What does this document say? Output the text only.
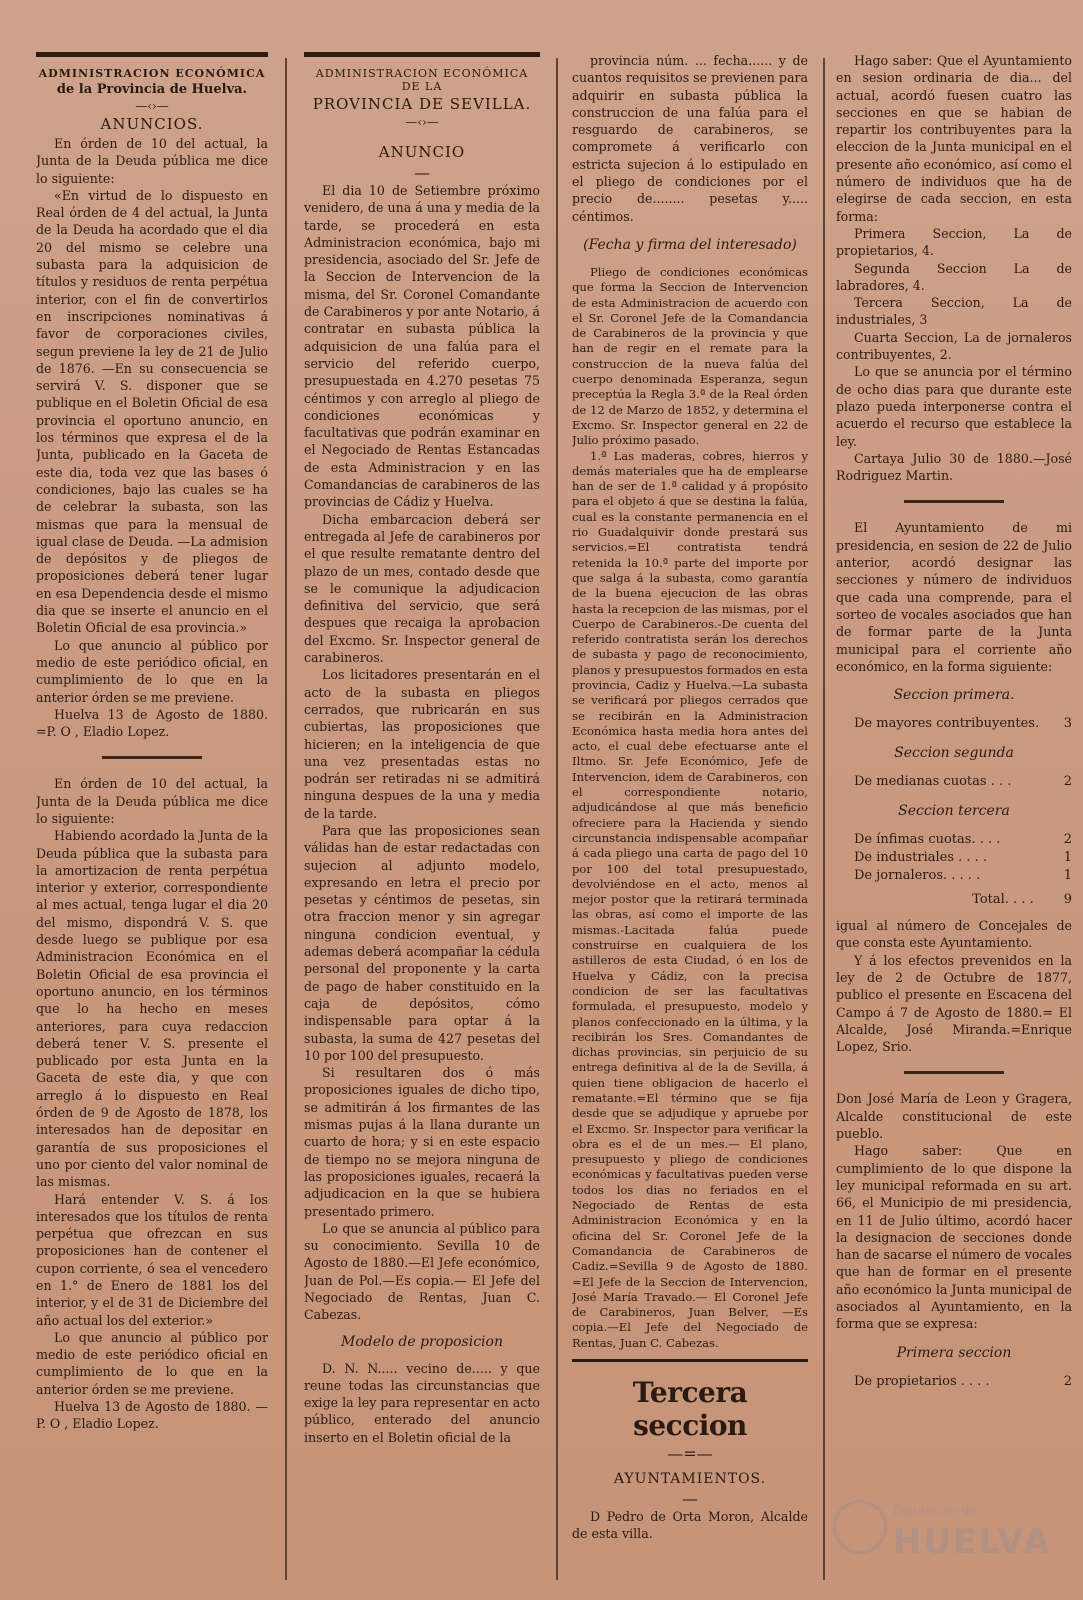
ADMINISTRACION ECONÓMICA
de la Provincia de Huelva.
—‹›—
ANUNCIOS.

En órden de 10 del actual, la Junta de la Deuda pública me dice lo siguiente:

«En virtud de lo dispuesto en Real órden de 4 del actual, la Junta de la Deuda ha acordado que el dia 20 del mismo se celebre una subasta para la adquisicion de títulos y residuos de renta perpétua interior, con el fin de convertirlos en inscripciones nominativas á favor de corporaciones civiles, segun previene la ley de 21 de Julio de 1876. —En su consecuencia se servirá V. S. disponer que se publique en el Boletin Oficial de esa provincia el oportuno anuncio, en los términos que expresa el de la Junta, publicado en la Gaceta de este dia, toda vez que las bases ó condiciones, bajo las cuales se ha de celebrar la subasta, son las mismas que para la mensual de igual clase de Deuda. —La admision de depósitos y de pliegos de proposiciones deberá tener lugar en esa Dependencia desde el mismo dia que se inserte el anuncio en el Boletin Oficial de esa provincia.»

Lo que anuncio al público por medio de este periódico oficial, en cumplimiento de lo que en la anterior órden se me previene.

Huelva 13 de Agosto de 1880. =P. O , Eladio Lopez.

En órden de 10 del actual, la Junta de la Deuda pública me dice lo siguiente:

Habiendo acordado la Junta de la Deuda pública que la subasta para la amortizacion de renta perpétua interior y exterior, correspondiente al mes actual, tenga lugar el dia 20 del mismo, dispondrá V. S. que desde luego se publique por esa Administracion Económica en el Boletin Oficial de esa provincia el oportuno anuncio, en los términos que lo ha hecho en meses anteriores, para cuya redaccion deberá tener V. S. presente el publicado por esta Junta en la Gaceta de este dia, y que con arreglo á lo dispuesto en Real órden de 9 de Agosto de 1878, los interesados han de depositar en garantía de sus proposiciones el uno por ciento del valor nominal de las mismas.

Hará entender V. S. á los interesados que los títulos de renta perpétua que ofrezcan en sus proposiciones han de contener el cupon corriente, ó sea el vencedero en 1.° de Enero de 1881 los del interior, y el de 31 de Diciembre del año actual los del exterior.»

Lo que anuncio al público por medio de este periódico oficial en cumplimiento de lo que en la anterior órden se me previene.

Huelva 13 de Agosto de 1880. —P. O , Eladio Lopez.

ADMINISTRACION ECONÓMICA
DE LA
PROVINCIA DE SEVILLA.
—‹›—
ANUNCIO
—

El dia 10 de Setiembre próximo venidero, de una á una y media de la tarde, se procederá en esta Administracion económica, bajo mi presidencia, asociado del Sr. Jefe de la Seccion de Intervencion de la misma, del Sr. Coronel Comandante de Carabineros y por ante Notario, á contratar en subasta pública la adquisicion de una falúa para el servicio del referido cuerpo, presupuestada en 4.270 pesetas 75 céntimos y con arreglo al pliego de condiciones económicas y facultativas que podrán examinar en el Negociado de Rentas Estancadas de esta Administracion y en las Comandancias de carabineros de las provincias de Cádiz y Huelva.

Dicha embarcacion deberá ser entregada al Jefe de carabineros por el que resulte rematante dentro del plazo de un mes, contado desde que se le comunique la adjudicacion definitiva del servicio, que será despues que recaiga la aprobacion del Excmo. Sr. Inspector general de carabineros.

Los licitadores presentarán en el acto de la subasta en pliegos cerrados, que rubricarán en sus cubiertas, las proposiciones que hicieren; en la inteligencia de que una vez presentadas estas no podrán ser retiradas ni se admitirá ninguna despues de la una y media de la tarde.

Para que las proposiciones sean válidas han de estar redactadas con sujecion al adjunto modelo, expresando en letra el precio por pesetas y céntimos de pesetas, sin otra fraccion menor y sin agregar ninguna condicion eventual, y ademas deberá acompañar la cédula personal del proponente y la carta de pago de haber constituido en la caja de depósitos, cómo indispensable para optar á la subasta, la suma de 427 pesetas del 10 por 100 del presupuesto.

Si resultaren dos ó más proposiciones iguales de dicho tipo, se admitirán á los firmantes de las mismas pujas á la llana durante un cuarto de hora; y si en este espacio de tiempo no se mejora ninguna de las proposiciones iguales, recaerá la adjudicacion en la que se hubiera presentado primero.

Lo que se anuncia al público para su conocimiento. Sevilla 10 de Agosto de 1880.—El Jefe económico, Juan de Pol.—Es copia.— El Jefe del Negociado de Rentas, Juan C. Cabezas.

Modelo de proposicion

D. N. N..... vecino de..... y que reune todas las circunstancias que exige la ley para representar en acto público, enterado del anuncio inserto en el Boletin oficial de la

provincia núm. ... fecha...... y de cuantos requisitos se previenen para adquirir en subasta pública la construccion de una falúa para el resguardo de carabineros, se compromete á verificarlo con estricta sujecion á lo estipulado en el pliego de condiciones por el precio de........ pesetas y..... céntimos.

(Fecha y firma del interesado)

Pliego de condiciones económicas que forma la Seccion de Intervencion de esta Administracion de acuerdo con el Sr. Coronel Jefe de la Comandancia de Carabineros de la provincia y que han de regir en el remate para la construccion de la nueva falúa del cuerpo denominada Esperanza, segun preceptúa la Regla 3.ª de la Real órden de 12 de Marzo de 1852, y determina el Excmo. Sr. Inspector general en 22 de Julio próximo pasado.

1.ª Las maderas, cobres, hierros y demás materiales que ha de emplearse han de ser de 1.ª calidad y á propósito para el objeto á que se destina la falúa, cual es la constante permanencia en el rio Guadalquivir donde prestará sus servicios.=El contratista tendrá retenida la 10.ª parte del importe por que salga á la subasta, como garantía de la buena ejecucion de las obras hasta la recepcion de las mismas, por el Cuerpo de Carabineros.-De cuenta del referido contratista serán los derechos de subasta y pago de reconocimiento, planos y presupuestos formados en esta provincia, Cadiz y Huelva.—La subasta se verificará por pliegos cerrados que se recibirán en la Administracion Económica hasta media hora antes del acto, el cual debe efectuarse ante el Iltmo. Sr. Jefe Económico, Jefe de Intervencion, idem de Carabineros, con el correspondiente notario, adjudicándose al que más beneficio ofreciere para la Hacienda y siendo circunstancia indispensable acompañar á cada pliego una carta de pago del 10 por 100 del total presupuestado, devolviéndose en el acto, menos al mejor postor que la retirará terminada las obras, así como el importe de las mismas.-Lacitada falúa puede construirse en cualquiera de los astilleros de esta Ciudad, ó en los de Huelva y Cádiz, con la precisa condicion de ser las facultativas formulada, el presupuesto, modelo y planos confeccionado en la última, y la recibirán los Sres. Comandantes de dichas provincias, sin perjuicio de su entrega definitiva al de la de Sevilla, á quien tiene obligacion de hacerlo el rematante.=El término que se fija desde que se adjudique y apruebe por el Excmo. Sr. Inspector para verificar la obra es el de un mes.— El plano, presupuesto y pliego de condiciones económicas y facultativas pueden verse todos los dias no feriados en el Negociado de Rentas de esta Administracion Económica y en la oficina del Sr. Coronel Jefe de la Comandancia de Carabineros de Cadiz.=Sevilla 9 de Agosto de 1880. =El Jefe de la Seccion de Intervencion, José María Travado.— El Coronel Jefe de Carabineros, Juan Belver, —Es copia.—El Jefe del Negociado de Rentas, Juan C. Cabezas.

Tercera seccion
—=—
AYUNTAMIENTOS.
—

D Pedro de Orta Moron, Alcalde de esta villa.

Hago saber: Que el Ayuntamiento en sesion ordinaria de dia... del actual, acordó fuesen cuatro las secciones en que se habian de repartir los contribuyentes para la eleccion de la Junta municipal en el presente año económico, así como el número de individuos que ha de elegirse de cada seccion, en esta forma:

Primera Seccion, La de propietarios, 4.

Segunda Seccion La de labradores, 4.

Tercera Seccion, La de industriales, 3

Cuarta Seccion, La de jornaleros contribuyentes, 2.

Lo que se anuncia por el término de ocho dias para que durante este plazo pueda interponerse contra el acuerdo el recurso que establece la ley.

Cartaya Julio 30 de 1880.—José Rodriguez Martin.

El Ayuntamiento de mi presidencia, en sesion de 22 de Julio anterior, acordó designar las secciones y número de individuos que cada una comprende, para el sorteo de vocales asociados que han de formar parte de la Junta municipal para el corriente año económico, en la forma siguiente:

Seccion primera.
De mayores contribuyentes. 3
Seccion segunda
De medianas cuotas . . .	2
Seccion tercera
De ínfimas cuotas. . . .	2
De industriales . . . .	1
De jornaleros. . . . .	1
Total. . . . 9

igual al número de Concejales de que consta este Ayuntamiento.

Y á los efectos prevenidos en la ley de 2 de Octubre de 1877, publico el presente en Escacena del Campo á 7 de Agosto de 1880.= El Alcalde, José Miranda.=Enrique Lopez, Srio.

Don José María de Leon y Gragera, Alcalde constitucional de este pueblo.

Hago saber: Que en cumplimiento de lo que dispone la ley municipal reformada en su art. 66, el Municipio de mi presidencia, en 11 de Julio último, acordó hacer la designacion de secciones donde han de sacarse el número de vocales que han de formar en el presente año económico la Junta municipal de asociados al Ayuntamiento, en la forma que se expresa:

Primera seccion
De propietarios . . . .	2
Diputación de
HUELVA
